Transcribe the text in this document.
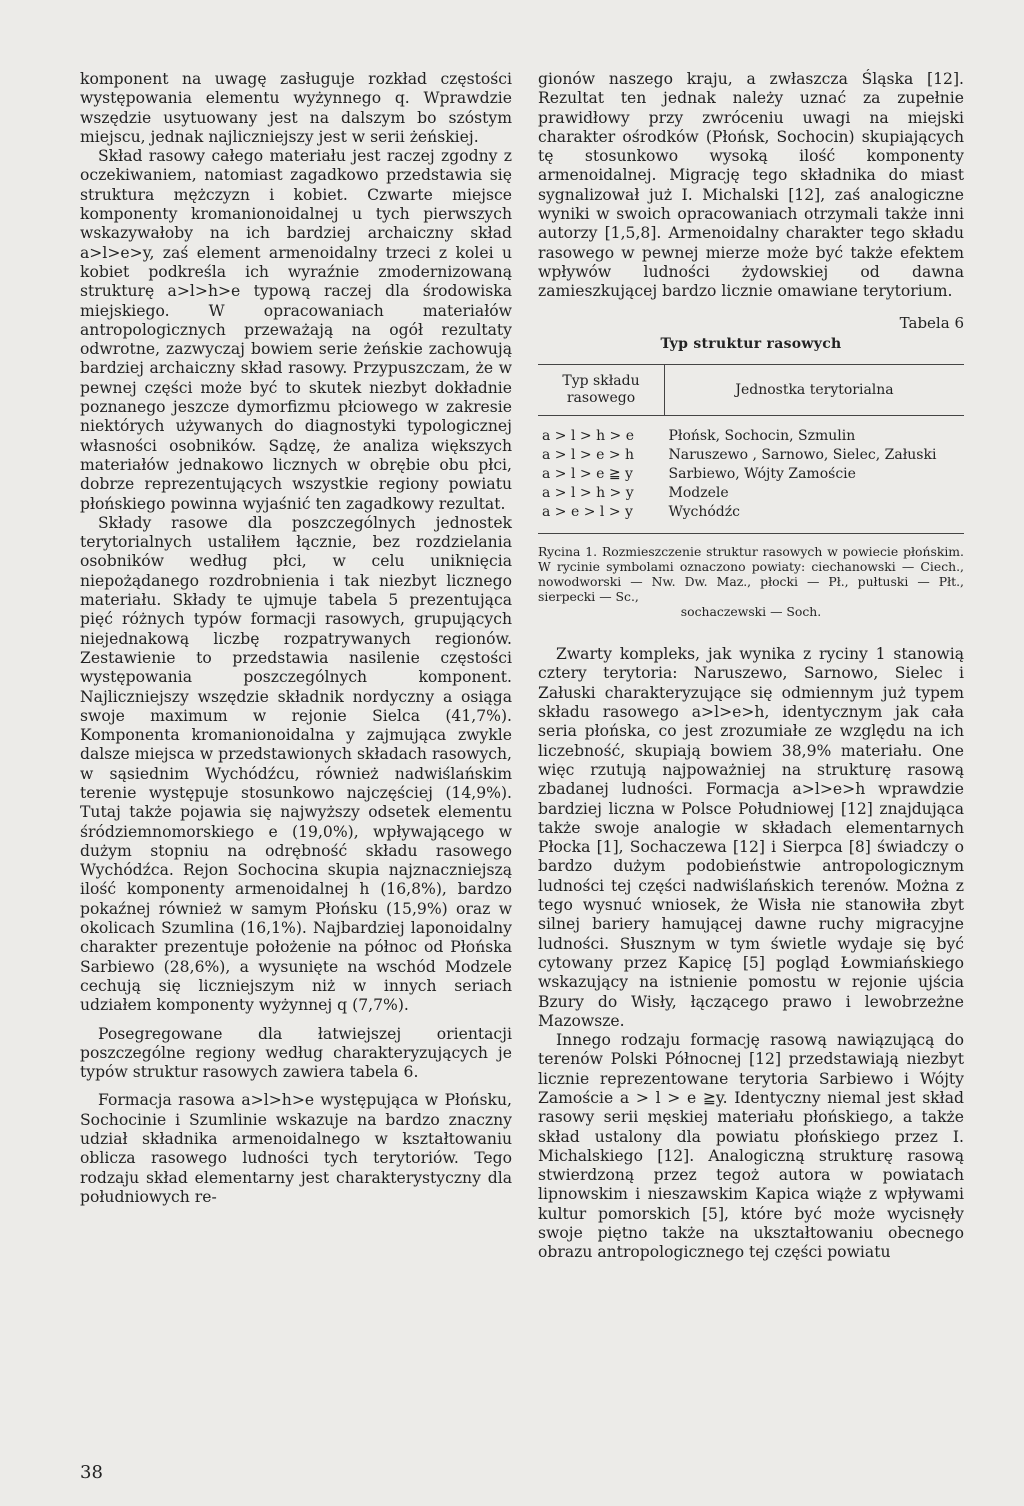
komponent na uwagę zasługuje rozkład częstości występowania elementu wyżynnego q. Wprawdzie wszędzie usytuowany jest na dalszym bo szóstym miejscu, jednak najliczniejszy jest w serii żeńskiej.

Skład rasowy całego materiału jest raczej zgodny z oczekiwaniem, natomiast zagadkowo przedstawia się struktura mężczyzn i kobiet. Czwarte miejsce komponenty kromanionoidalnej u tych pierwszych wskazywałoby na ich bardziej archaiczny skład a>l>e>y, zaś element armenoidalny trzeci z kolei u kobiet podkreśla ich wyraźnie zmodernizowaną strukturę a>l>h>e typową raczej dla środowiska miejskiego. W opracowaniach materiałów antropologicznych przeważają na ogół rezultaty odwrotne, zazwyczaj bowiem serie żeńskie zachowują bardziej archaiczny skład rasowy. Przypuszczam, że w pewnej części może być to skutek niezbyt dokładnie poznanego jeszcze dymorfizmu płciowego w zakresie niektórych używanych do diagnostyki typologicznej własności osobników. Sądzę, że analiza większych materiałów jednakowo licznych w obrębie obu płci, dobrze reprezentujących wszystkie regiony powiatu płońskiego powinna wyjaśnić ten zagadkowy rezultat.

Składy rasowe dla poszczególnych jednostek terytorialnych ustaliłem łącznie, bez rozdzielania osobników według płci, w celu uniknięcia niepożądanego rozdrobnienia i tak niezbyt licznego materiału. Składy te ujmuje tabela 5 prezentująca pięć różnych typów formacji rasowych, grupujących niejednakową liczbę rozpatrywanych regionów. Zestawienie to przedstawia nasilenie częstości występowania poszczególnych komponent. Najliczniejszy wszędzie składnik nordyczny a osiąga swoje maximum w rejonie Sielca (41,7%). Komponenta kromanionoidalna y zajmująca zwykle dalsze miejsca w przedstawionych składach rasowych, w sąsiednim Wychódźcu, również nadwiślańskim terenie występuje stosunkowo najczęściej (14,9%). Tutaj także pojawia się najwyższy odsetek elementu śródziemnomorskiego e (19,0%), wpływającego w dużym stopniu na odrębność składu rasowego Wychódźca. Rejon Sochocina skupia najznaczniejszą ilość komponenty armenoidalnej h (16,8%), bardzo pokaźnej również w samym Płońsku (15,9%) oraz w okolicach Szumlina (16,1%). Najbardziej laponoidalny charakter prezentuje położenie na północ od Płońska Sarbiewo (28,6%), a wysunięte na wschód Modzele cechują się liczniejszym niż w innych seriach udziałem komponenty wyżynnej q (7,7%).

Posegregowane dla łatwiejszej orientacji poszczególne regiony według charakteryzujących je typów struktur rasowych zawiera tabela 6.

Formacja rasowa a>l>h>e występująca w Płońsku, Sochocinie i Szumlinie wskazuje na bardzo znaczny udział składnika armenoidalnego w kształtowaniu oblicza rasowego ludności tych terytoriów. Tego rodzaju skład elementarny jest charakterystyczny dla południowych re-

gionów naszego kraju, a zwłaszcza Śląska [12]. Rezultat ten jednak należy uznać za zupełnie prawidłowy przy zwróceniu uwagi na miejski charakter ośrodków (Płońsk, Sochocin) skupiających tę stosunkowo wysoką ilość komponenty armenoidalnej. Migrację tego składnika do miast sygnalizował już I. Michalski [12], zaś analogiczne wyniki w swoich opracowaniach otrzymali także inni autorzy [1,5,8]. Armenoidalny charakter tego składu rasowego w pewnej mierze może być także efektem wpływów ludności żydowskiej od dawna zamieszkującej bardzo licznie omawiane terytorium.

Tabela 6
Typ struktur rasowych
Typ składu rasowego	Jednostka terytorialna
a > l > h > e	Płońsk, Sochocin, Szmulin
a > l > e > h	Naruszewo , Sarnowo, Sielec, Załuski
a > l > e ≧ y	Sarbiewo, Wójty Zamoście
a > l > h > y	Modzele
a > e > l > y	Wychódźc
Rycina 1. Rozmieszczenie struktur rasowych w powiecie płońskim. W rycinie symbolami oznaczono powiaty: ciechanowski — Ciech., nowodworski — Nw. Dw. Maz., płocki — Pł., pułtuski — Płt., sierpecki — Sc.,
sochaczewski — Soch.

Zwarty kompleks, jak wynika z ryciny 1 stanowią cztery terytoria: Naruszewo, Sarnowo, Sielec i Załuski charakteryzujące się odmiennym już typem składu rasowego a>l>e>h, identycznym jak cała seria płońska, co jest zrozumiałe ze względu na ich liczebność, skupiają bowiem 38,9% materiału. One więc rzutują najpoważniej na strukturę rasową zbadanej ludności. Formacja a>l>e>h wprawdzie bardziej liczna w Polsce Południowej [12] znajdująca także swoje analogie w składach elementarnych Płocka [1], Sochaczewa [12] i Sierpca [8] świadczy o bardzo dużym podobieństwie antropologicznym ludności tej części nadwiślańskich terenów. Można z tego wysnuć wniosek, że Wisła nie stanowiła zbyt silnej bariery hamującej dawne ruchy migracyjne ludności. Słusznym w tym świetle wydaje się być cytowany przez Kapicę [5] pogląd Łowmiańskiego wskazujący na istnienie pomostu w rejonie ujścia Bzury do Wisły, łączącego prawo i lewobrzeżne Mazowsze.

Innego rodzaju formację rasową nawiązującą do terenów Polski Północnej [12] przedstawiają niezbyt licznie reprezentowane terytoria Sarbiewo i Wójty Zamoście a > l > e ≧y. Identyczny niemal jest skład rasowy serii męskiej materiału płońskiego, a także skład ustalony dla powiatu płońskiego przez I. Michalskiego [12]. Analogiczną strukturę rasową stwierdzoną przez tegoż autora w powiatach lipnowskim i nieszawskim Kapica wiąże z wpływami kultur pomorskich [5], które być może wycisnęły swoje piętno także na ukształtowaniu obecnego obrazu antropologicznego tej części powiatu

38
